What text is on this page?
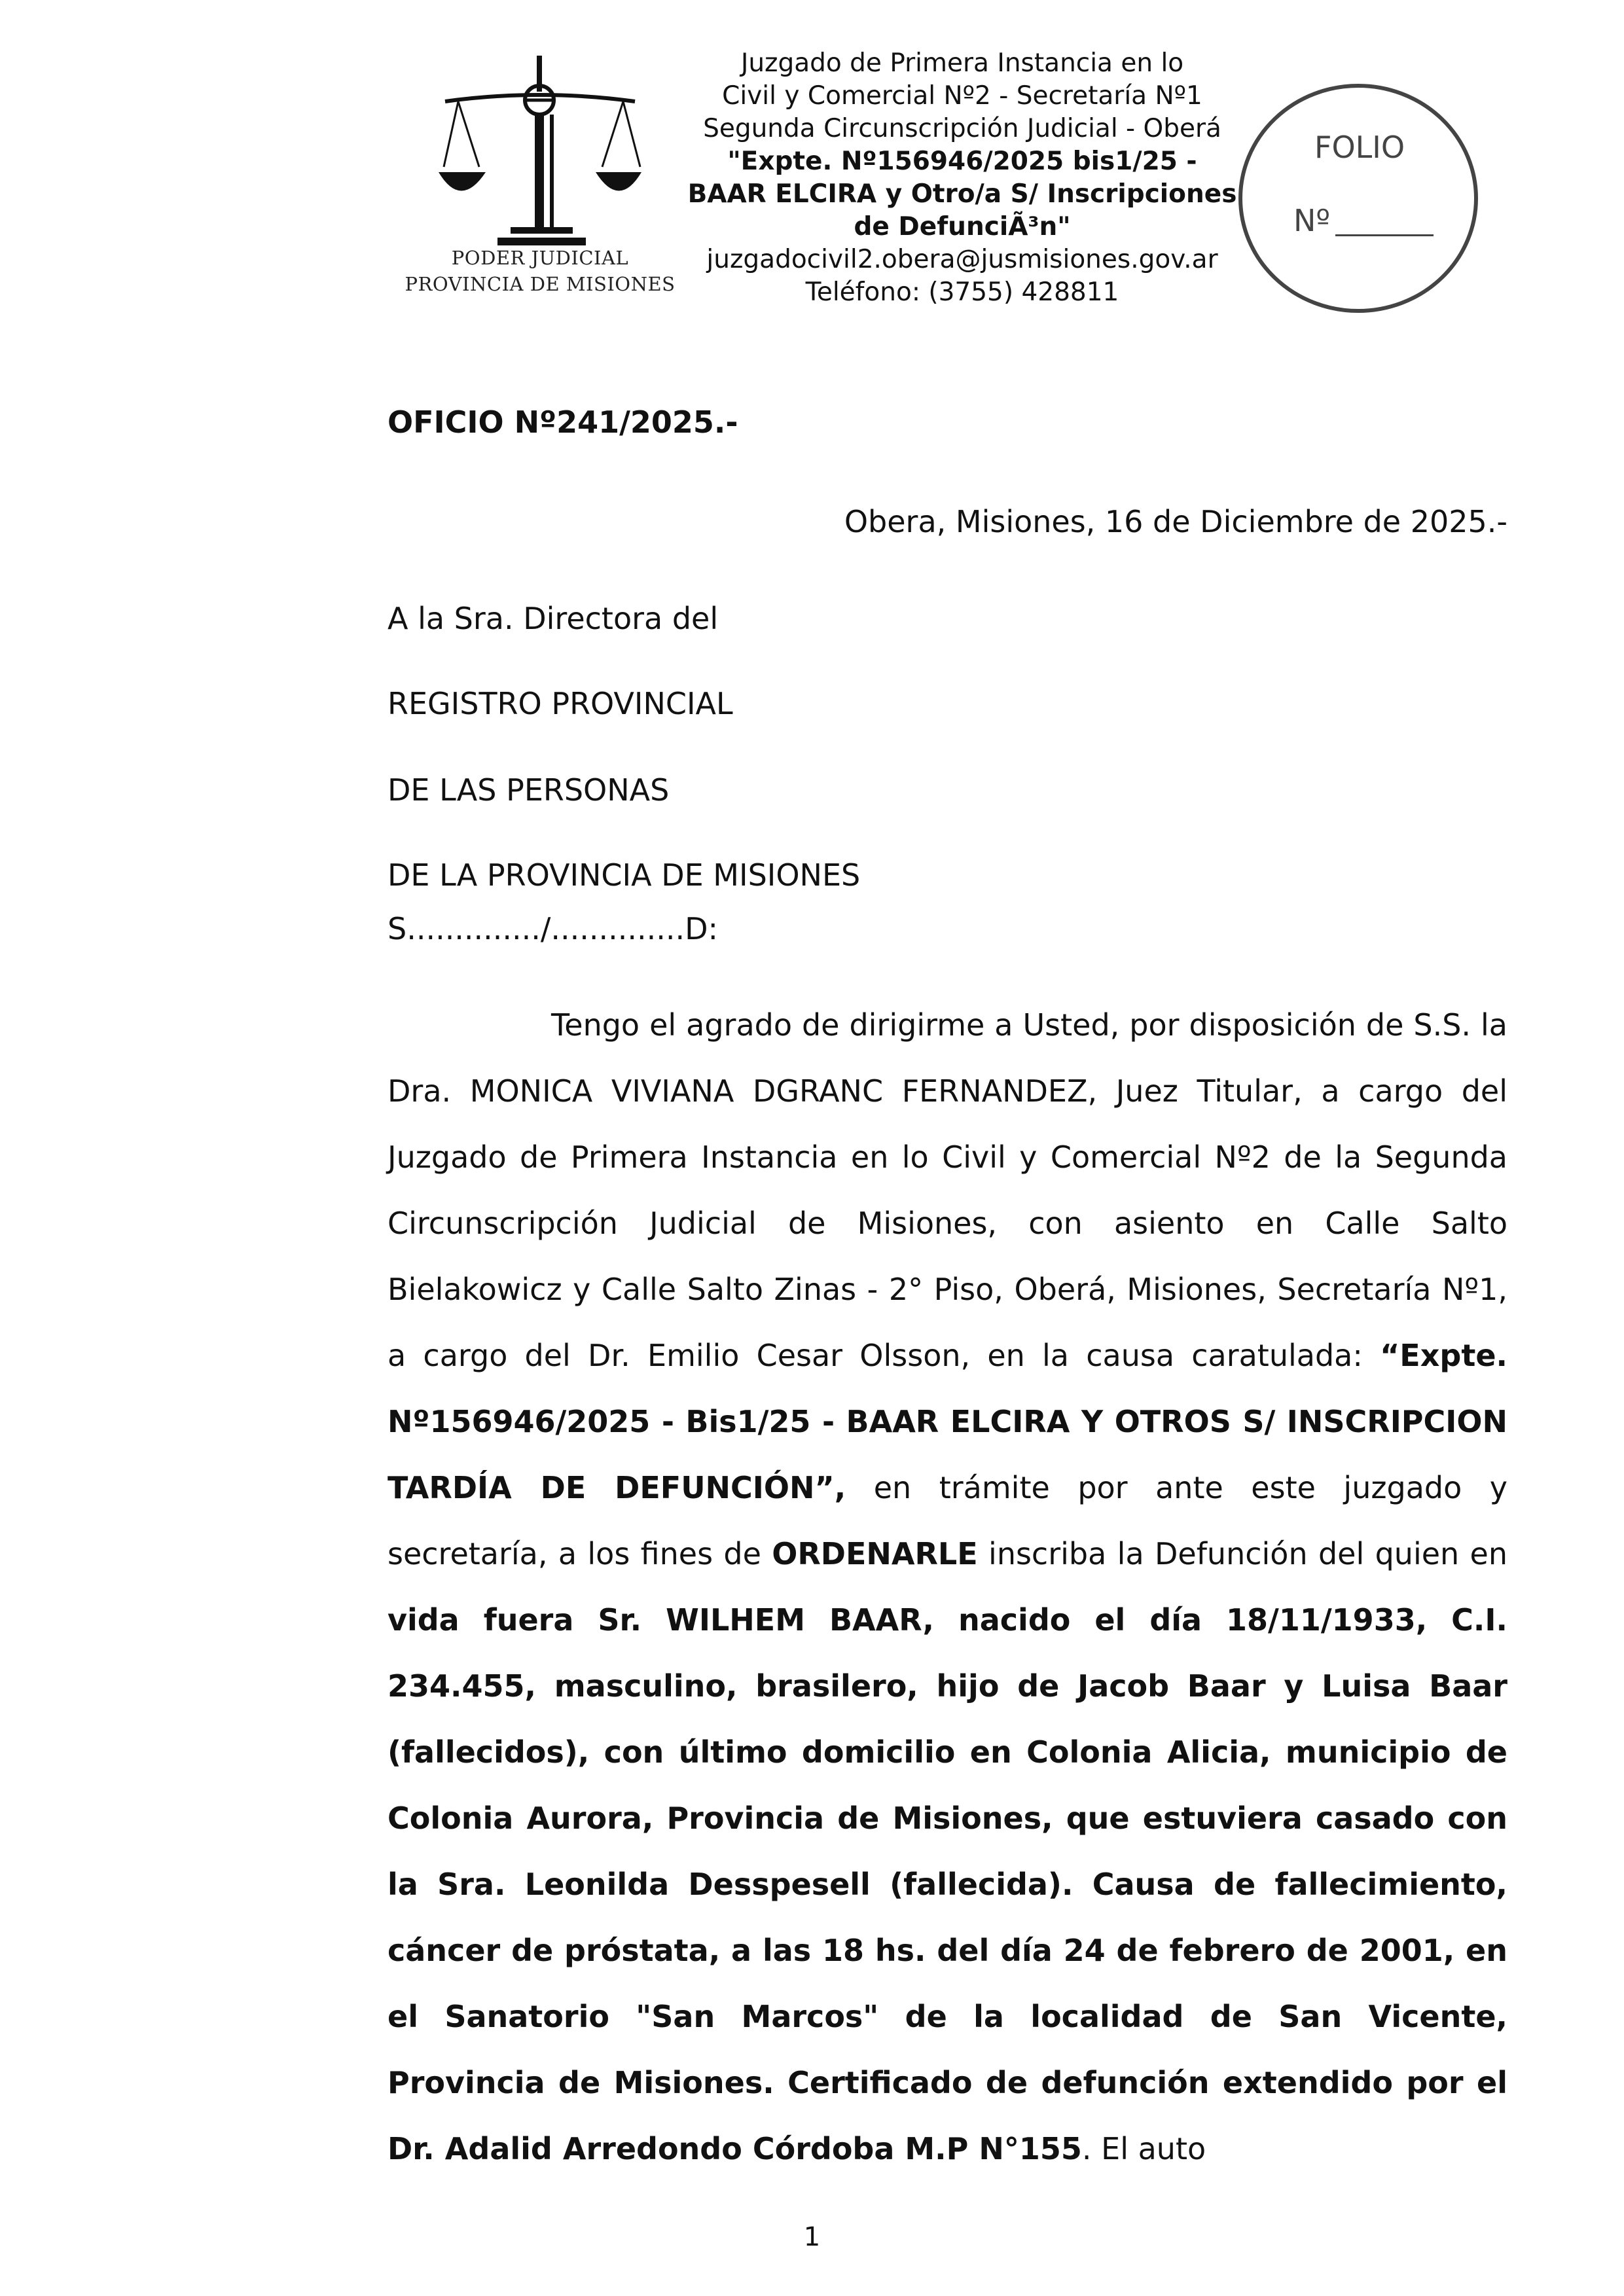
PODER JUDICIAL
PROVINCIA DE MISIONES
Juzgado de Primera Instancia en lo
Civil y Comercial Nº2 - Secretaría Nº1
Segunda Circunscripción Judicial - Oberá
"Expte. Nº156946/2025 bis1/25 -
BAAR ELCIRA y Otro/a S/ Inscripciones
de DefunciÃ³n"
juzgadocivil2.obera@jusmisiones.gov.ar
Teléfono: (3755) 428811
FOLIO
Nº
OFICIO Nº241/2025.-
Obera, Misiones, 16 de Diciembre de 2025.-
A la Sra. Directora del
REGISTRO PROVINCIAL
DE LAS PERSONAS
DE LA PROVINCIA DE MISIONES
S............../..............D:
Tengo el agrado de dirigirme a Usted, por disposición de S.S. la Dra. MONICA VIVIANA DGRANC FERNANDEZ, Juez Titular, a cargo del Juzgado de Primera Instancia en lo Civil y Comercial Nº2 de la Segunda Circunscripción Judicial de Misiones, con asiento en Calle Salto Bielakowicz y Calle Salto Zinas - 2° Piso, Oberá, Misiones, Secretaría Nº1, a cargo del Dr. Emilio Cesar Olsson, en la causa caratulada: “Expte. Nº156946/2025 - Bis1/25 - BAAR ELCIRA Y OTROS S/ INSCRIPCION TARDÍA DE DEFUNCIÓN”, en trámite por ante este juzgado y secretaría, a los fines de ORDENARLE inscriba la Defunción del quien en vida fuera Sr. WILHEM BAAR, nacido el día 18/11/1933, C.I. 234.455, masculino, brasilero, hijo de Jacob Baar y Luisa Baar (fallecidos), con último domicilio en Colonia Alicia, municipio de Colonia Aurora, Provincia de Misiones, que estuviera casado con la Sra. Leonilda Desspesell (fallecida). Causa de fallecimiento, cáncer de próstata, a las 18 hs. del día 24 de febrero de 2001, en el Sanatorio "San Marcos" de la localidad de San Vicente, Provincia de Misiones. Certificado de defunción extendido por el Dr. Adalid Arredondo Córdoba M.P N°155. El auto
1
